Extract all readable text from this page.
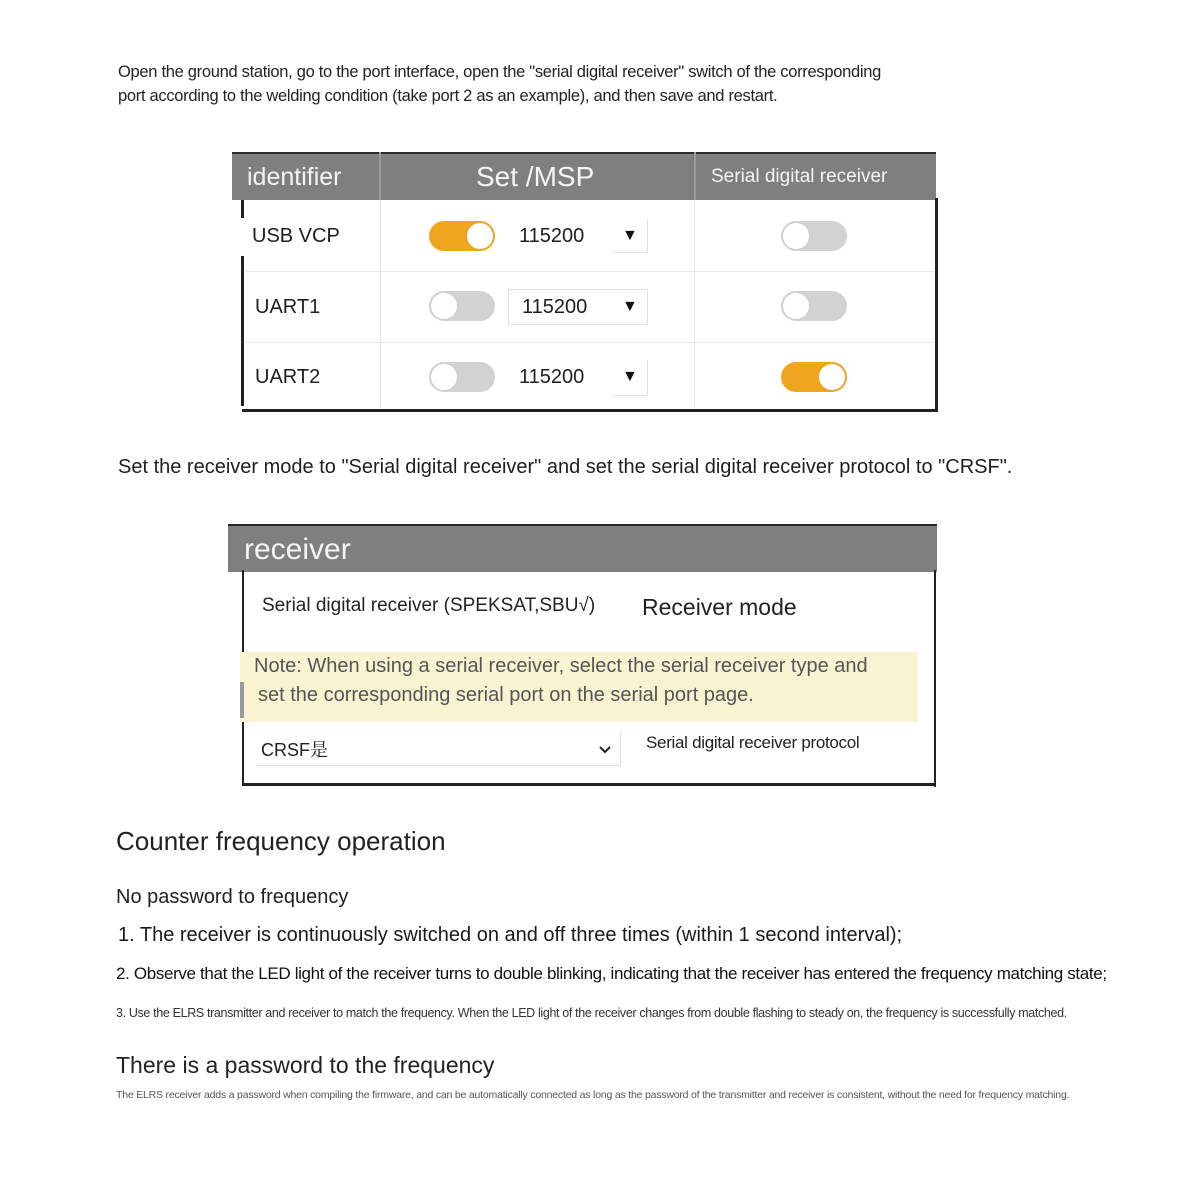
Open the ground station, go to the port interface, open the "serial digital receiver" switch of the corresponding

port according to the welding condition (take port 2 as an example), and then save and restart.

identifier	Set /MSP	Serial digital receiver
USB VCP	115200 ▼
UART1	115200 ▼
UART2	115200 ▼
Set the receiver mode to "Serial digital receiver" and set the serial digital receiver protocol to "CRSF".
receiver
Serial digital receiver (SPEKSAT,SBU√) Receiver mode
Note: When using a serial receiver, select the serial receiver type and
set the corresponding serial port on the serial port page.
CRSF是	Serial digital receiver protocol
Counter frequency operation
No password to frequency
1. The receiver is continuously switched on and off three times (within 1 second interval);
2. Observe that the LED light of the receiver turns to double blinking, indicating that the receiver has entered the frequency matching state;
3. Use the ELRS transmitter and receiver to match the frequency. When the LED light of the receiver changes from double flashing to steady on, the frequency is successfully matched.
There is a password to the frequency
The ELRS receiver adds a password when compiling the firmware, and can be automatically connected as long as the password of the transmitter and receiver is consistent, without the need for frequency matching.
